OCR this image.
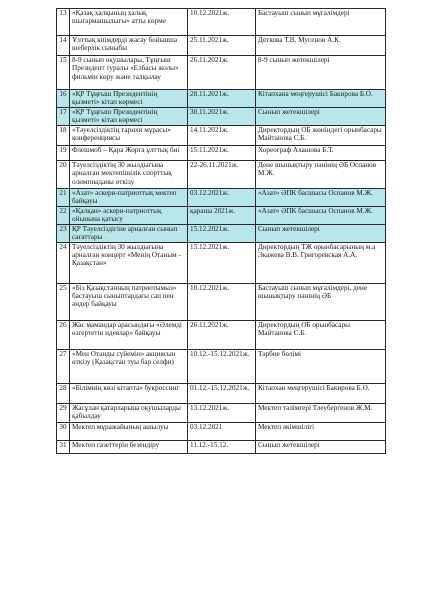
13	«Қазақ халқының халық шығармашылығы» атты көрме	10.12.2021ж.	Бастауыш сынып мұғалімдері
14	Ұлттық киімдерді жасау бойынша шеберлік сыныбы	25.11.2021ж.	Деткова Т.В. Мусенов А.К.
15	8-9 сынып оқушылары, Тұңғыш Президент туралы «Елбасы жолы» фильмін көру және талқылау	26.11.2021ж.	8-9 сынып жетекшілері
16	«ҚР Тұңғыш Президентінің қызметі» кітап көрмесі	28.11.2021ж.	Кітапхана меңгерушісі Бакирова Б.О.
17	«ҚР Тұңғыш Президентінің қызметі» кітап көрмесі	30.11.2021ж.	Сынып жетекшілері
18	«Тәуелсіздіктің тарихи мұрасы» конференциясы	14.11.2021ж.	Директордың ОБ жөніндегі орынбасары Майтанова С.Б.
19	Флешмоб – Қара Жорға ұлттық биі	15.11.2021ж.	Хореограф Ахашова Б.Т.
20	Тәуелсіздіктің 30 жылдығына арналған мектепішілік спорттық олимпиаданы өткізу	22-26.11.2021ж.	Дене шынықтыру пәнінің ӘБ Оспанов М.Ж.
21	«Азат» әскери-патриоттық мектеп байқауы	03.12.2021ж.	«Азат» ӘПК басшысы Оспанов М.Ж.
22	«Қалқан» әскери-патриоттық ойынына қатысу	қараша 2021ж.	«Азат» ӘПК басшысы Оспанов М.Ж.
23	ҚР Тәуелсіздігіне арналған сынып сағаттары	15.12.2021ж.	Сынып жетекшілері
24	Тәуелсіздіктің 30 жылдығына арналған концерт «Менің Отаным - Қазақстан»	15.12.2021ж.	Директордың ТЖ орынбасарының м.а Экажева В.В. Григоревская А.А.
25	«Біз Қазақстанның патриотымыз» бастауыш сыныптардағы сап пен әндер байқауы	10.12.2021ж.	Бастауыш сынып мұғалімдері, дене шынықтыру пәнінің ӘБ
26	Жас мамандар арасындағы «Әлемді өзгертетін идеялар» байқауы	26.11.2021ж.	Директордың ОБ орынбасары Майтанова С.Б.
27	«Мен Отанды сүйемін» акциясын өткізу (Қазақстан туы бар селфи)	10.12.-15.12.2021ж.	Тәрбие бөлімі
28	«Білімнің көзі кітапта» букроссинг	01.12.-15.12.2021ж.	Кітапхан меңгерушісі Бакирова Б.О.
29	Жасұлан қатарларына оқушыларды қабылдау	13.12.2021ж.	Мектеп тәлімгері Тлеубергенов Ж.М.
30	Мектеп мұражайының ашылуы	03.12.2021	Мектеп әкімшілігі
31	Мектеп газеттерін безендіру	11.12.-15.12.	Сынып жетекшілері
